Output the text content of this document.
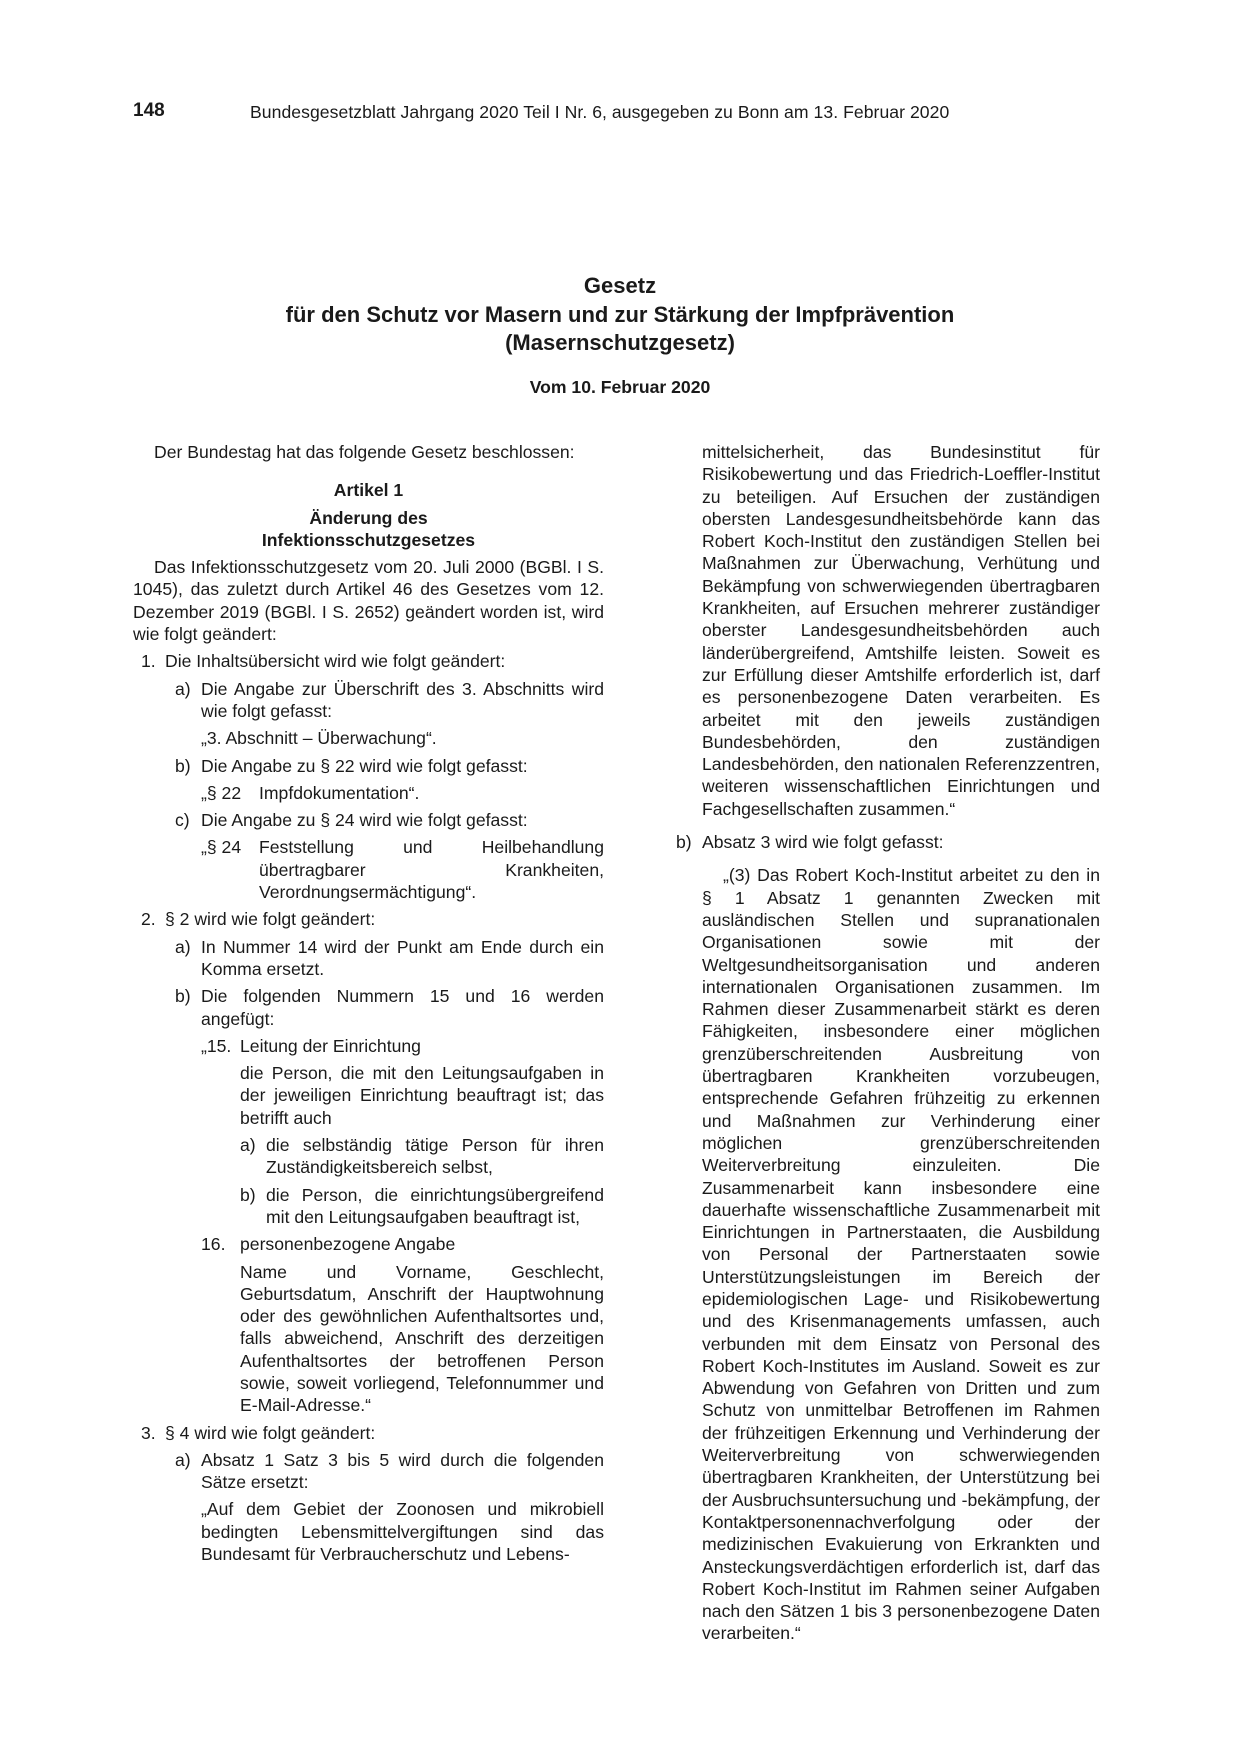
148	Bundesgesetzblatt Jahrgang 2020 Teil I Nr. 6, ausgegeben zu Bonn am 13. Februar 2020
Gesetz
für den Schutz vor Masern und zur Stärkung der Impfprävention
(Masernschutzgesetz)
Vom 10. Februar 2020

Der Bundestag hat das folgende Gesetz beschlossen:

Artikel 1

Änderung des

Infektionsschutzgesetzes

Das Infektionsschutzgesetz vom 20. Juli 2000 (BGBl. I S. 1045), das zuletzt durch Artikel 46 des Gesetzes vom 12. Dezember 2019 (BGBl. I S. 2652) geändert worden ist, wird wie folgt geändert:

1. Die Inhaltsübersicht wird wie folgt geändert:
a) Die Angabe zur Überschrift des 3. Abschnitts wird wie folgt gefasst:

„3. Abschnitt – Überwachung“.

b) Die Angabe zu § 22 wird wie folgt gefasst:
„§ 22	Impfdokumentation“.
c) Die Angabe zu § 24 wird wie folgt gefasst:
„§ 24	Feststellung und Heilbehandlung übertragbarer Krankheiten, Verordnungsermächtigung“.
2. § 2 wird wie folgt geändert:
a) In Nummer 14 wird der Punkt am Ende durch ein Komma ersetzt.
b) Die folgenden Nummern 15 und 16 werden angefügt:
„15. Leitung der Einrichtung

die Person, die mit den Leitungsaufgaben in der jeweiligen Einrichtung beauftragt ist; das betrifft auch

a) die selbständig tätige Person für ihren Zuständigkeitsbereich selbst,
b) die Person, die einrichtungsübergreifend mit den Leitungsaufgaben beauftragt ist,
16. personenbezogene Angabe

Name und Vorname, Geschlecht, Geburtsdatum, Anschrift der Hauptwohnung oder des gewöhnlichen Aufenthaltsortes und, falls abweichend, Anschrift des derzeitigen Aufenthaltsortes der betroffenen Person sowie, soweit vorliegend, Telefonnummer und E-Mail-Adresse.“

3. § 4 wird wie folgt geändert:
a) Absatz 1 Satz 3 bis 5 wird durch die folgenden Sätze ersetzt:

„Auf dem Gebiet der Zoonosen und mikrobiell bedingten Lebensmittelvergiftungen sind das Bundesamt für Verbraucherschutz und Lebens-

mittelsicherheit, das Bundesinstitut für Risikobewertung und das Friedrich-Loeffler-Institut zu beteiligen. Auf Ersuchen der zuständigen obersten Landesgesundheitsbehörde kann das Robert Koch-Institut den zuständigen Stellen bei Maßnahmen zur Überwachung, Verhütung und Bekämpfung von schwerwiegenden übertragbaren Krankheiten, auf Ersuchen mehrerer zuständiger oberster Landesgesundheitsbehörden auch länderübergreifend, Amtshilfe leisten. Soweit es zur Erfüllung dieser Amtshilfe erforderlich ist, darf es personenbezogene Daten verarbeiten. Es arbeitet mit den jeweils zuständigen Bundesbehörden, den zuständigen Landesbehörden, den nationalen Referenzzentren, weiteren wissenschaftlichen Einrichtungen und Fachgesellschaften zusammen.“

b) Absatz 3 wird wie folgt gefasst:

„(3) Das Robert Koch-Institut arbeitet zu den in § 1 Absatz 1 genannten Zwecken mit ausländischen Stellen und supranationalen Organisationen sowie mit der Weltgesundheitsorganisation und anderen internationalen Organisationen zusammen. Im Rahmen dieser Zusammenarbeit stärkt es deren Fähigkeiten, insbesondere einer möglichen grenzüberschreitenden Ausbreitung von übertragbaren Krankheiten vorzubeugen, entsprechende Gefahren frühzeitig zu erkennen und Maßnahmen zur Verhinderung einer möglichen grenzüberschreitenden Weiterverbreitung einzuleiten. Die Zusammenarbeit kann insbesondere eine dauerhafte wissenschaftliche Zusammenarbeit mit Einrichtungen in Partnerstaaten, die Ausbildung von Personal der Partnerstaaten sowie Unterstützungsleistungen im Bereich der epidemiologischen Lage- und Risikobewertung und des Krisenmanagements umfassen, auch verbunden mit dem Einsatz von Personal des Robert Koch-Institutes im Ausland. Soweit es zur Abwendung von Gefahren von Dritten und zum Schutz von unmittelbar Betroffenen im Rahmen der frühzeitigen Erkennung und Verhinderung der Weiterverbreitung von schwerwiegenden übertragbaren Krankheiten, der Unterstützung bei der Ausbruchsuntersuchung und -bekämpfung, der Kontaktpersonennachverfolgung oder der medizinischen Evakuierung von Erkrankten und Ansteckungsverdächtigen erforderlich ist, darf das Robert Koch-Institut im Rahmen seiner Aufgaben nach den Sätzen 1 bis 3 personenbezogene Daten verarbeiten.“
